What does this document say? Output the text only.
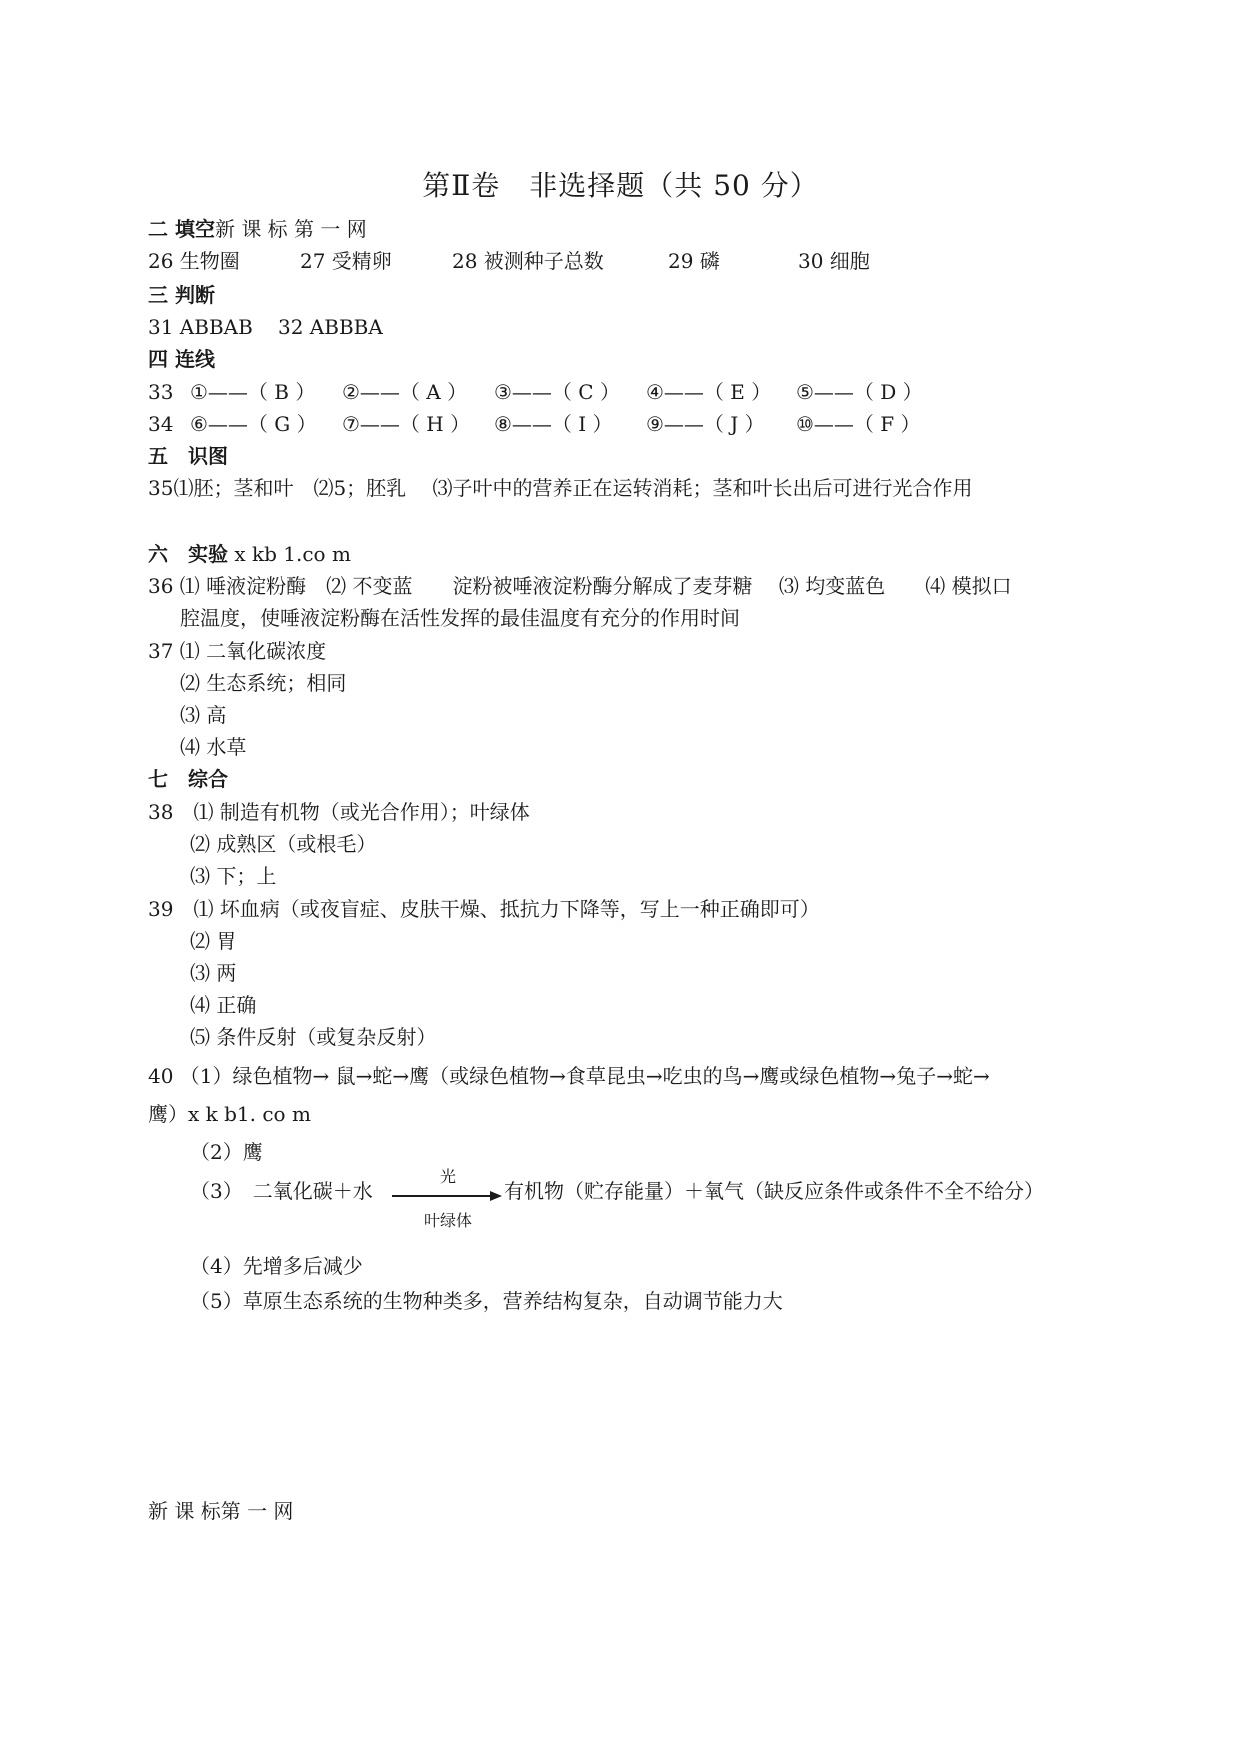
第Ⅱ卷　非选择题（共 50 分）
二 填空新 课 标 第 一 网
26 生物圈	27 受精卵	28 被测种子总数	29 磷	30 细胞
三 判断
31 ABBAB 32 ABBBA
四 连线
33 ①——（ B ） ②——（ A ） ③——（ C ） ④——（ E ） ⑤——（ D ）
34 ⑥——（ G ） ⑦——（ H ） ⑧——（ I ） ⑨——（ J ） ⑩——（ F ）
五　识图
35⑴胚；茎和叶　⑵5；胚乳　 ⑶子叶中的营养正在运转消耗；茎和叶长出后可进行光合作用
六　实验 x kb 1.co m
36 ⑴ 唾液淀粉酶　⑵ 不变蓝　　淀粉被唾液淀粉酶分解成了麦芽糖　 ⑶ 均变蓝色　　⑷ 模拟口
腔温度，使唾液淀粉酶在活性发挥的最佳温度有充分的作用时间
37 ⑴ 二氧化碳浓度
⑵ 生态系统；相同
⑶ 高
⑷ 水草
七　综合
38　⑴ 制造有机物（或光合作用）；叶绿体
⑵ 成熟区（或根毛）
⑶ 下；上
39　⑴ 坏血病（或夜盲症、皮肤干燥、抵抗力下降等，写上一种正确即可）
⑵ 胃
⑶ 两
⑷ 正确
⑸ 条件反射（或复杂反射）
40 （1）绿色植物→ 鼠→蛇→鹰（或绿色植物→食草昆虫→吃虫的鸟→鹰或绿色植物→兔子→蛇→
鹰）x k b1. co m
（2）鹰
（3）　二氧化碳＋水
光
叶绿体
有机物（贮存能量）＋氧气（缺反应条件或条件不全不给分）
（4）先增多后减少
（5）草原生态系统的生物种类多，营养结构复杂，自动调节能力大
新 课 标第 一 网
